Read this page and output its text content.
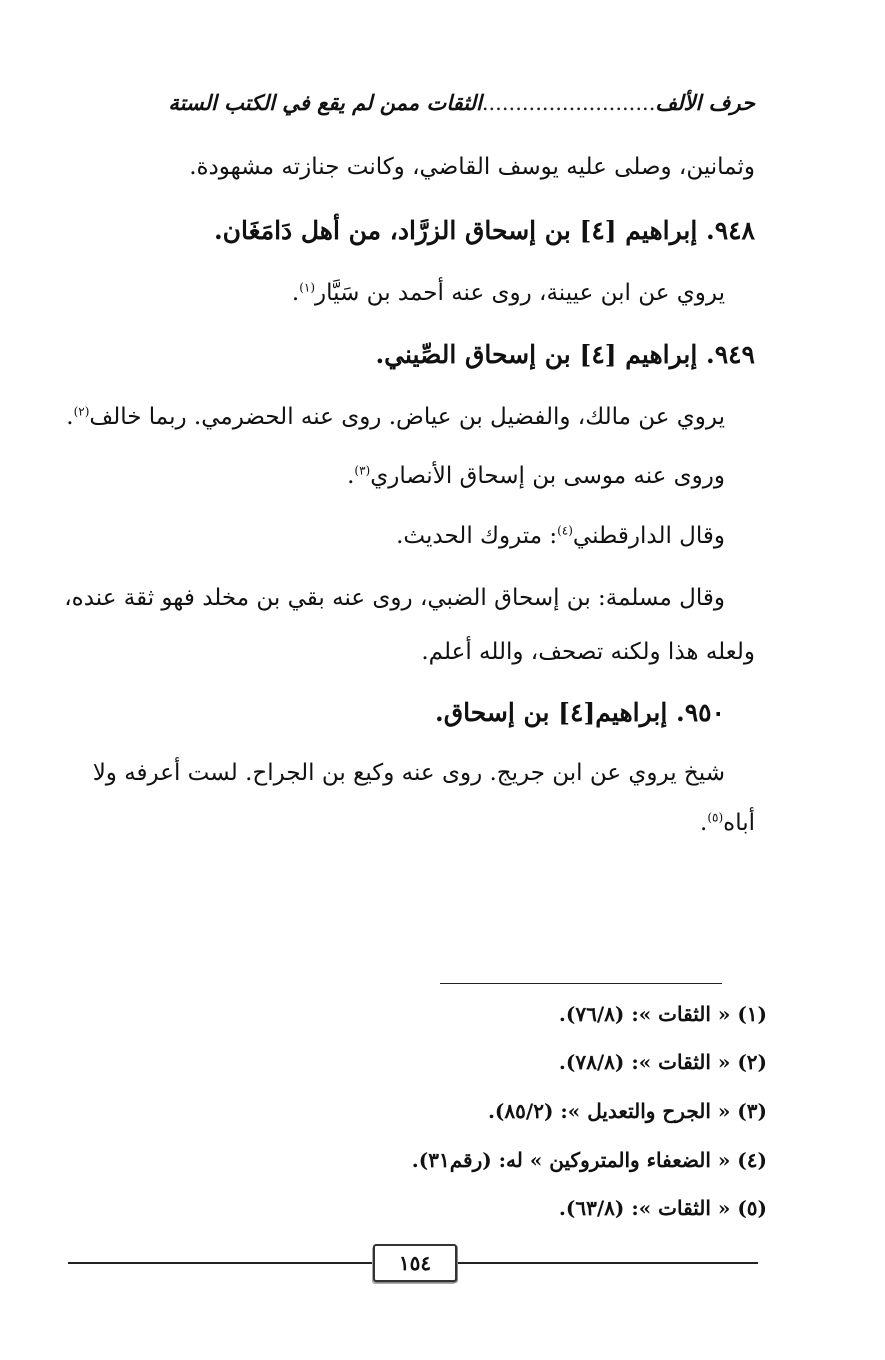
حرف الألف..........................الثقات ممن لم يقع في الكتب الستة
وثمانين، وصلى عليه يوسف القاضي، وكانت جنازته مشهودة.
٩٤٨. إبراهيم [٤] بن إسحاق الزرَّاد، من أهل دَامَغَان.
يروي عن ابن عيينة، روى عنه أحمد بن سَيَّار$^{(١)}$.
٩٤٩. إبراهيم [٤] بن إسحاق الصِّيني.
يروي عن مالك، والفضيل بن عياض. روى عنه الحضرمي. ربما خالف$^{(٢)}$.
وروى عنه موسى بن إسحاق الأنصاري$^{(٣)}$.
وقال الدارقطني$^{(٤)}$: متروك الحديث.
وقال مسلمة: بن إسحاق الضبي، روى عنه بقي بن مخلد فهو ثقة عنده،
ولعله هذا ولكنه تصحف، والله أعلم.
٩٥٠. إبراهيم[٤] بن إسحاق.
شيخ يروي عن ابن جريج. روى عنه وكيع بن الجراح. لست أعرفه ولا
أباه$^{(٥)}$.
(١) « الثقات »: (٧٦/٨).
(٢) « الثقات »: (٧٨/٨).
(٣) « الجرح والتعديل »: (٨٥/٢).
(٤) « الضعفاء والمتروكين » له: (رقم٣١).
(٥) « الثقات »: (٦٣/٨).
١٥٤
